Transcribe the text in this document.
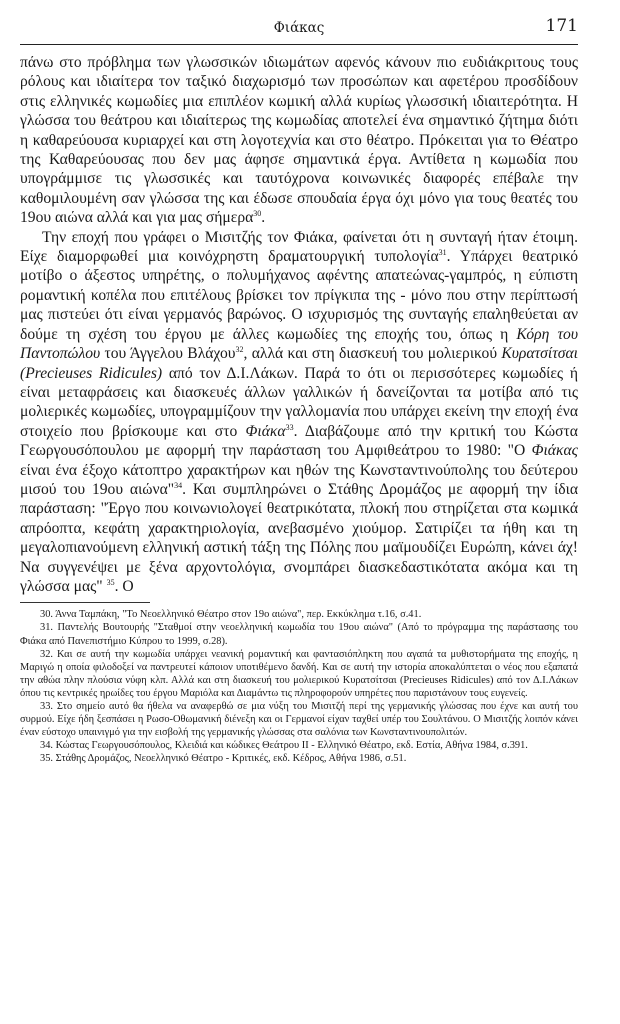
Φιάκας	171

πάνω στο πρόβλημα των γλωσσικών ιδιωμάτων αφενός κάνουν πιο ευδιάκριτους τους ρόλους και ιδιαίτερα τον ταξικό διαχωρισμό των προσώπων και αφετέρου προσδίδουν στις ελληνικές κωμωδίες μια επιπλέον κωμική αλλά κυρίως γλωσσική ιδιαιτερότητα. Η γλώσσα του θεάτρου και ιδιαίτερως της κωμωδίας αποτελεί ένα σημαντικό ζήτημα διότι η καθαρεύουσα κυριαρχεί και στη λογοτεχνία και στο θέατρο. Πρόκειται για το Θέατρο της Καθαρεύουσας που δεν μας άφησε σημαντικά έργα. Αντίθετα η κωμωδία που υπογράμμισε τις γλωσσικές και ταυτόχρονα κοινωνικές διαφορές επέβαλε την καθομιλουμένη σαν γλώσσα της και έδωσε σπουδαία έργα όχι μόνο για τους θεατές του 19ου αιώνα αλλά και για μας σήμερα$^{30}$.

Την εποχή που γράφει ο Μισιτζής τον Φιάκα, φαίνεται ότι η συνταγή ήταν έτοιμη. Είχε διαμορφωθεί μια κοινόχρηστη δραματουργική τυπολογία$^{31}$. Υπάρχει θεατρικό μοτίβο ο άξεστος υπηρέτης, ο πολυμήχανος αφέντης απατεώνας-γαμπρός, η εύπιστη ρομαντική κοπέλα που επιτέλους βρίσκει τον πρίγκιπα της - μόνο που στην περίπτωσή μας πιστεύει ότι είναι γερμανός βαρώνος. Ο ισχυρισμός της συνταγής επαληθεύεται αν δούμε τη σχέση του έργου με άλλες κωμωδίες της εποχής του, όπως η Κόρη του Παντοπώλου του Άγγελου Βλάχου$^{32}$, αλλά και στη διασκευή του μολιερικού Κυρατσίτσαι (Precieuses Ridicules) από τον Δ.Ι.Λάκων. Παρά το ότι οι περισσότερες κωμωδίες ή είναι μεταφράσεις και διασκευές άλλων γαλλικών ή δανείζονται τα μοτίβα από τις μολιερικές κωμωδίες, υπογραμμίζουν την γαλλομανία που υπάρχει εκείνη την εποχή ένα στοιχείο που βρίσκουμε και στο Φιάκα$^{33}$. Διαβάζουμε από την κριτική του Κώστα Γεωργουσόπουλου με αφορμή την παράσταση του Αμφιθεάτρου το 1980: "Ο Φιάκας είναι ένα έξοχο κάτοπτρο χαρακτήρων και ηθών της Κωνσταντινούπολης του δεύτερου μισού του 19ου αιώνα"$^{34}$. Και συμπληρώνει ο Στάθης Δρομάζος με αφορμή την ίδια παράσταση: "Έργο που κοινωνιολογεί θεατρικότατα, πλοκή που στηρίζεται στα κωμικά απρόοπτα, κεφάτη χαρακτηριολογία, ανεβασμένο χιούμορ. Σατιρίζει τα ήθη και τη μεγαλοπιανούμενη ελληνική αστική τάξη της Πόλης που μαϊμουδίζει Ευρώπη, κάνει άχ! Να συγγενέψει με ξένα αρχοντολόγια, σνομπάρει διασκεδαστικότατα ακόμα και τη γλώσσα μας" $^{35}$. Ο

30. Άννα Ταμπάκη, "Το Νεοελληνικό Θέατρο στον 19ο αιώνα", περ. Εκκύκλημα τ.16, σ.41.

31. Παντελής Βουτουρής "Σταθμοί στην νεοελληνική κωμωδία του 19ου αιώνα" (Από το πρόγραμμα της παράστασης του Φιάκα από Πανεπιστήμιο Κύπρου το 1999, σ.28).

32. Και σε αυτή την κωμωδία υπάρχει νεανική ρομαντική και φαντασιόπληκτη που αγαπά τα μυθιστορήματα της εποχής, η Μαριγώ η οποία φιλοδοξεί να παντρευτεί κάποιον υποτιθέμενο δανδή. Και σε αυτή την ιστορία αποκαλύπτεται ο νέος που εξαπατά την αθώα πλην πλούσια νύφη κλπ. Αλλά και στη διασκευή του μολιερικού Κυρατσίτσαι (Precieuses Ridicules) από τον Δ.Ι.Λάκων όπου τις κεντρικές ηρωίδες του έργου Μαριόλα και Διαμάντω τις πληροφορούν υπηρέτες που παριστάνουν τους ευγενείς.

33. Στο σημείο αυτό θα ήθελα να αναφερθώ σε μια νύξη του Μισιτζή περί της γερμανικής γλώσσας που έχνε και αυτή του συρμού. Είχε ήδη ξεσπάσει η Ρωσο-Οθωμανική διένεξη και οι Γερμανοί είχαν ταχθεί υπέρ του Σουλτάνου. Ο Μισιτζής λοιπόν κάνει έναν εύστοχο υπαινιγμό για την εισβολή της γερμανικής γλώσσας στα σαλόνια των Κωνσταντινουπολιτών.

34. Κώστας Γεωργουσόπουλος, Κλειδιά και κώδικες Θεάτρου ΙΙ - Ελληνικό Θέατρο, εκδ. Εστία, Αθήνα 1984, σ.391.

35. Στάθης Δρομάζος, Νεοελληνικό Θέατρο - Κριτικές, εκδ. Κέδρος, Αθήνα 1986, σ.51.
